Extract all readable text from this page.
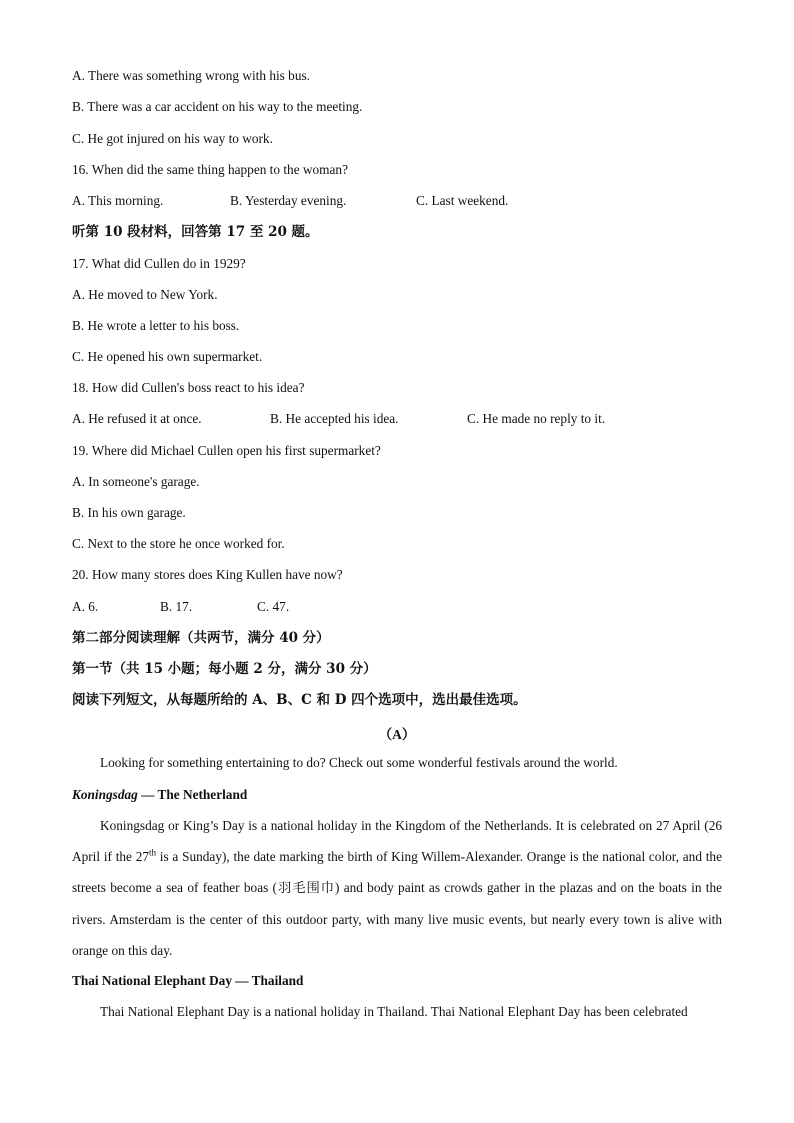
A. There was something wrong with his bus.
B. There was a car accident on his way to the meeting.
C. He got injured on his way to work.
16. When did the same thing happen to the woman?
A. This morning.	B. Yesterday evening.	C. Last weekend.
听第 10 段材料，回答第 17 至 20 题。
17. What did Cullen do in 1929?
A. He moved to New York.
B. He wrote a letter to his boss.
C. He opened his own supermarket.
18. How did Cullen's boss react to his idea?
A. He refused it at once.	B. He accepted his idea.	C. He made no reply to it.
19. Where did Michael Cullen open his first supermarket?
A. In someone's garage.
B. In his own garage.
C. Next to the store he once worked for.
20. How many stores does King Kullen have now?
A. 6.	B. 17.	C. 47.
第二部分阅读理解（共两节，满分 40 分）
第一节（共 15 小题；每小题 2 分，满分 30 分）
阅读下列短文，从每题所给的 A、B、C 和 D 四个选项中，选出最佳选项。
（A）
Looking for something entertaining to do? Check out some wonderful festivals around the world.
Koningsdag — The Netherland
Koningsdag or King’s Day is a national holiday in the Kingdom of the Netherlands. It is celebrated on 27 April (26 April if the 27th is a Sunday), the date marking the birth of King Willem-Alexander. Orange is the national color, and the streets become a sea of feather boas (羽毛围巾) and body paint as crowds gather in the plazas and on the boats in the rivers. Amsterdam is the center of this outdoor party, with many live music events, but nearly every town is alive with orange on this day.
Thai National Elephant Day — Thailand
Thai National Elephant Day is a national holiday in Thailand. Thai National Elephant Day has been celebrated
